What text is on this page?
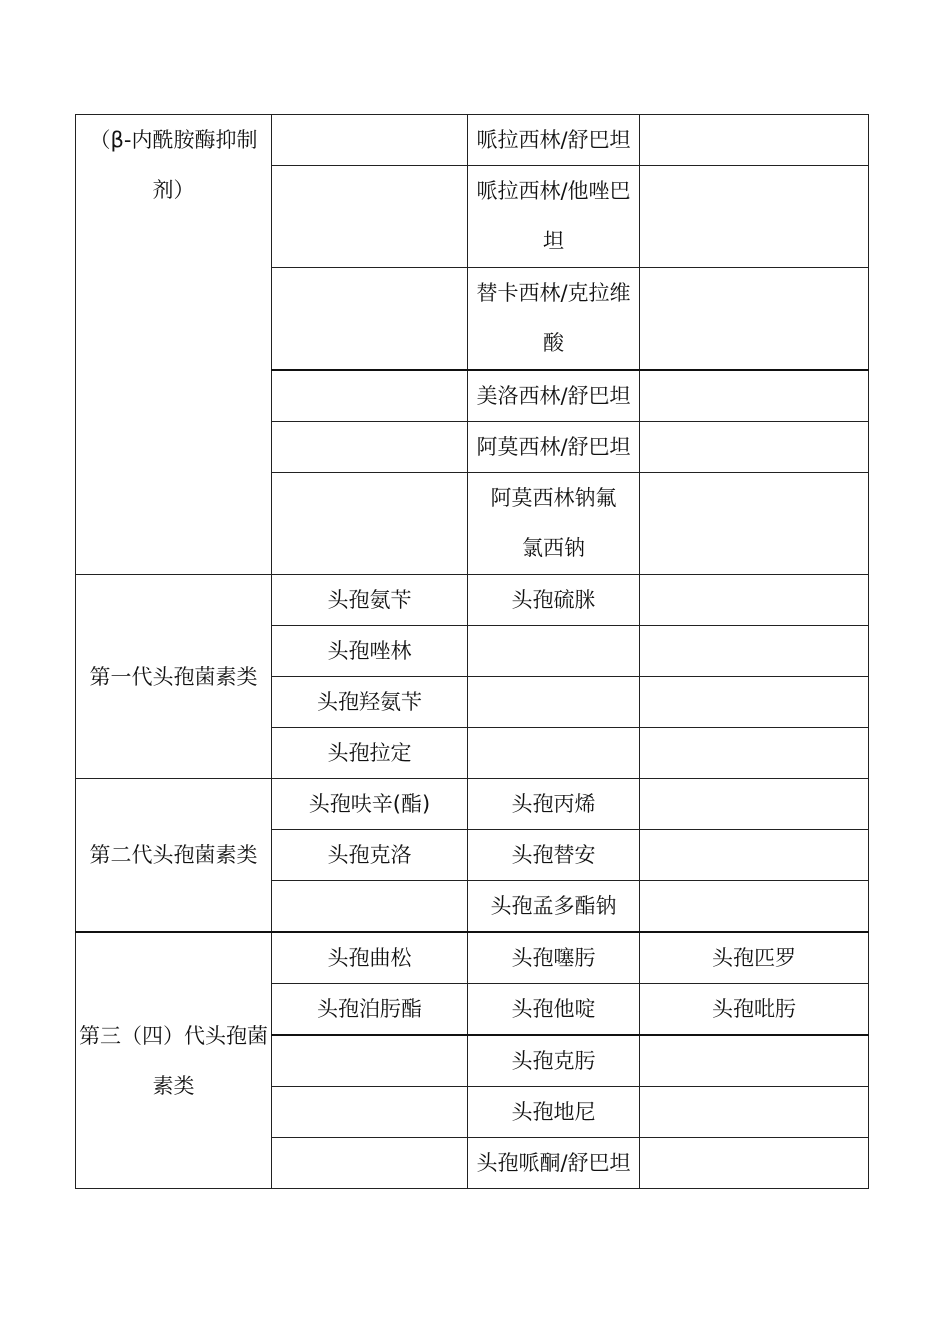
（β-内酰胺酶抑制剂）		哌拉西林/舒巴坦	

		哌拉西林/他唑巴坦	

		替卡西林/克拉维酸	

		美洛西林/舒巴坦	
		阿莫西林/舒巴坦	

		阿莫西林钠氟氯西钠	

第一代头孢菌素类	头孢氨苄	头孢硫脒	
	头孢唑林		
	头孢羟氨苄		
	头孢拉定		
第二代头孢菌素类	头孢呋辛(酯)	头孢丙烯	
	头孢克洛	头孢替安	
		头孢孟多酯钠	

第三（四）代头孢菌素类	头孢曲松	头孢噻肟	头孢匹罗
	头孢泊肟酯	头孢他啶	头孢吡肟
		头孢克肟	
		头孢地尼	
		头孢哌酮/舒巴坦	
